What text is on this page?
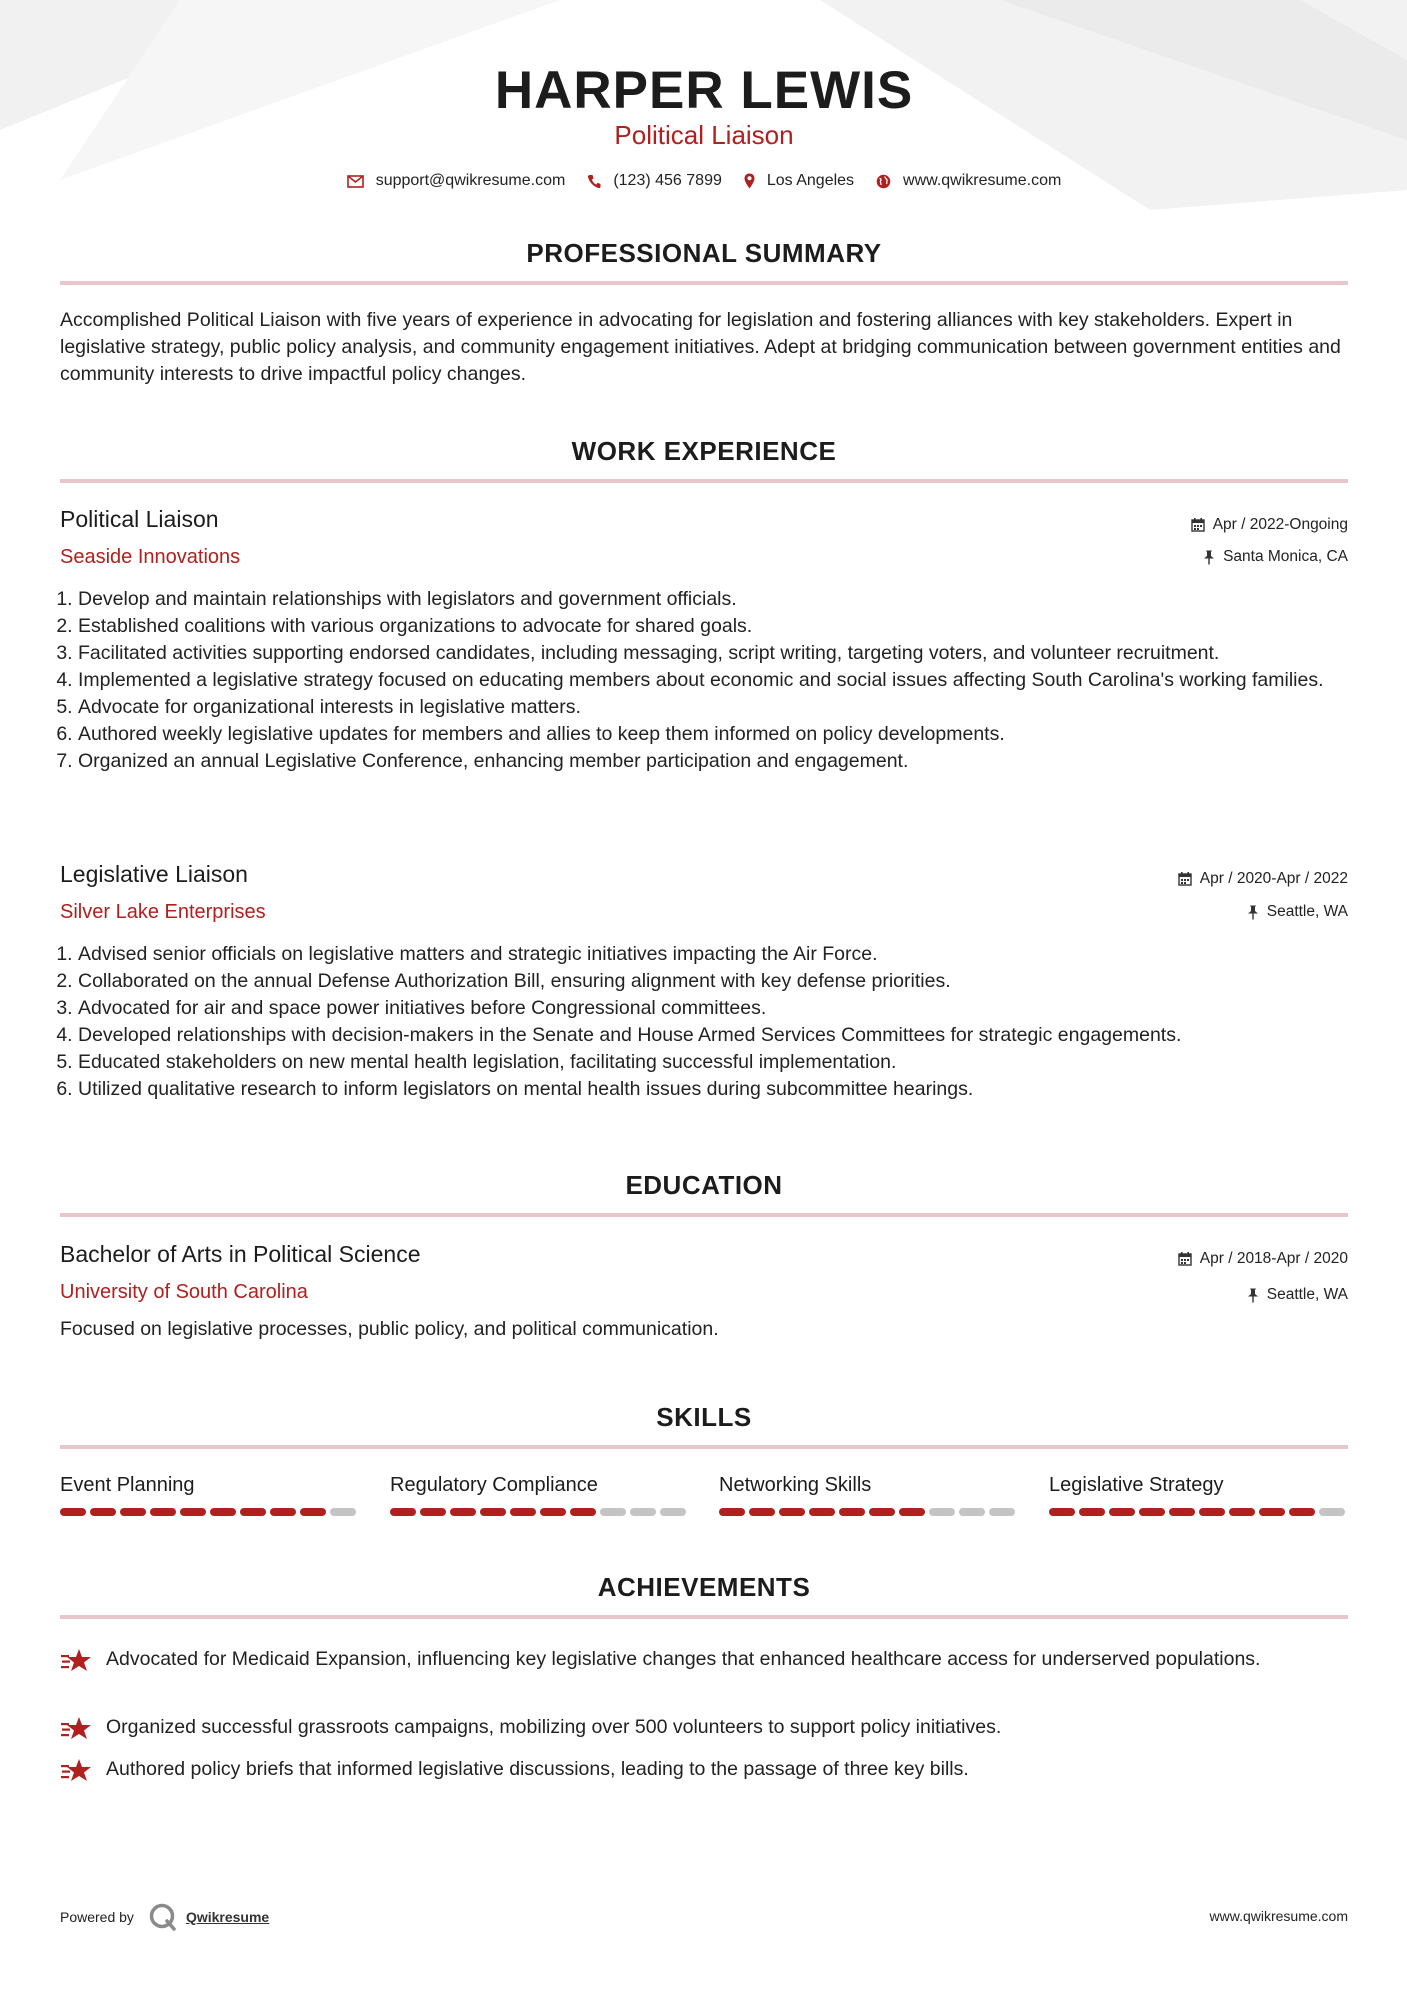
HARPER LEWIS
Political Liaison
support@qwikresume.com	(123) 456 7899	Los Angeles	www.qwikresume.com
PROFESSIONAL SUMMARY
Accomplished Political Liaison with five years of experience in advocating for legislation and fostering alliances with key stakeholders. Expert in legislative strategy, public policy analysis, and community engagement initiatives. Adept at bridging communication between government entities and community interests to drive impactful policy changes.
WORK EXPERIENCE
Political Liaison
Seaside Innovations
Apr / 2022-Ongoing
Santa Monica, CA
1. Develop and maintain relationships with legislators and government officials.
2. Established coalitions with various organizations to advocate for shared goals.
3. Facilitated activities supporting endorsed candidates, including messaging, script writing, targeting voters, and volunteer recruitment.
4. Implemented a legislative strategy focused on educating members about economic and social issues affecting South Carolina's working families.
5. Advocate for organizational interests in legislative matters.
6. Authored weekly legislative updates for members and allies to keep them informed on policy developments.
7. Organized an annual Legislative Conference, enhancing member participation and engagement.
Legislative Liaison
Silver Lake Enterprises
Apr / 2020-Apr / 2022
Seattle, WA
1. Advised senior officials on legislative matters and strategic initiatives impacting the Air Force.
2. Collaborated on the annual Defense Authorization Bill, ensuring alignment with key defense priorities.
3. Advocated for air and space power initiatives before Congressional committees.
4. Developed relationships with decision-makers in the Senate and House Armed Services Committees for strategic engagements.
5. Educated stakeholders on new mental health legislation, facilitating successful implementation.
6. Utilized qualitative research to inform legislators on mental health issues during subcommittee hearings.
EDUCATION
Bachelor of Arts in Political Science
University of South Carolina
Apr / 2018-Apr / 2020
Seattle, WA
Focused on legislative processes, public policy, and political communication.
SKILLS
Event Planning	Regulatory Compliance	Networking Skills	Legislative Strategy
ACHIEVEMENTS
Advocated for Medicaid Expansion, influencing key legislative changes that enhanced healthcare access for underserved populations.
Organized successful grassroots campaigns, mobilizing over 500 volunteers to support policy initiatives.
Authored policy briefs that informed legislative discussions, leading to the passage of three key bills.
Powered by	Qwikresume	www.qwikresume.com
